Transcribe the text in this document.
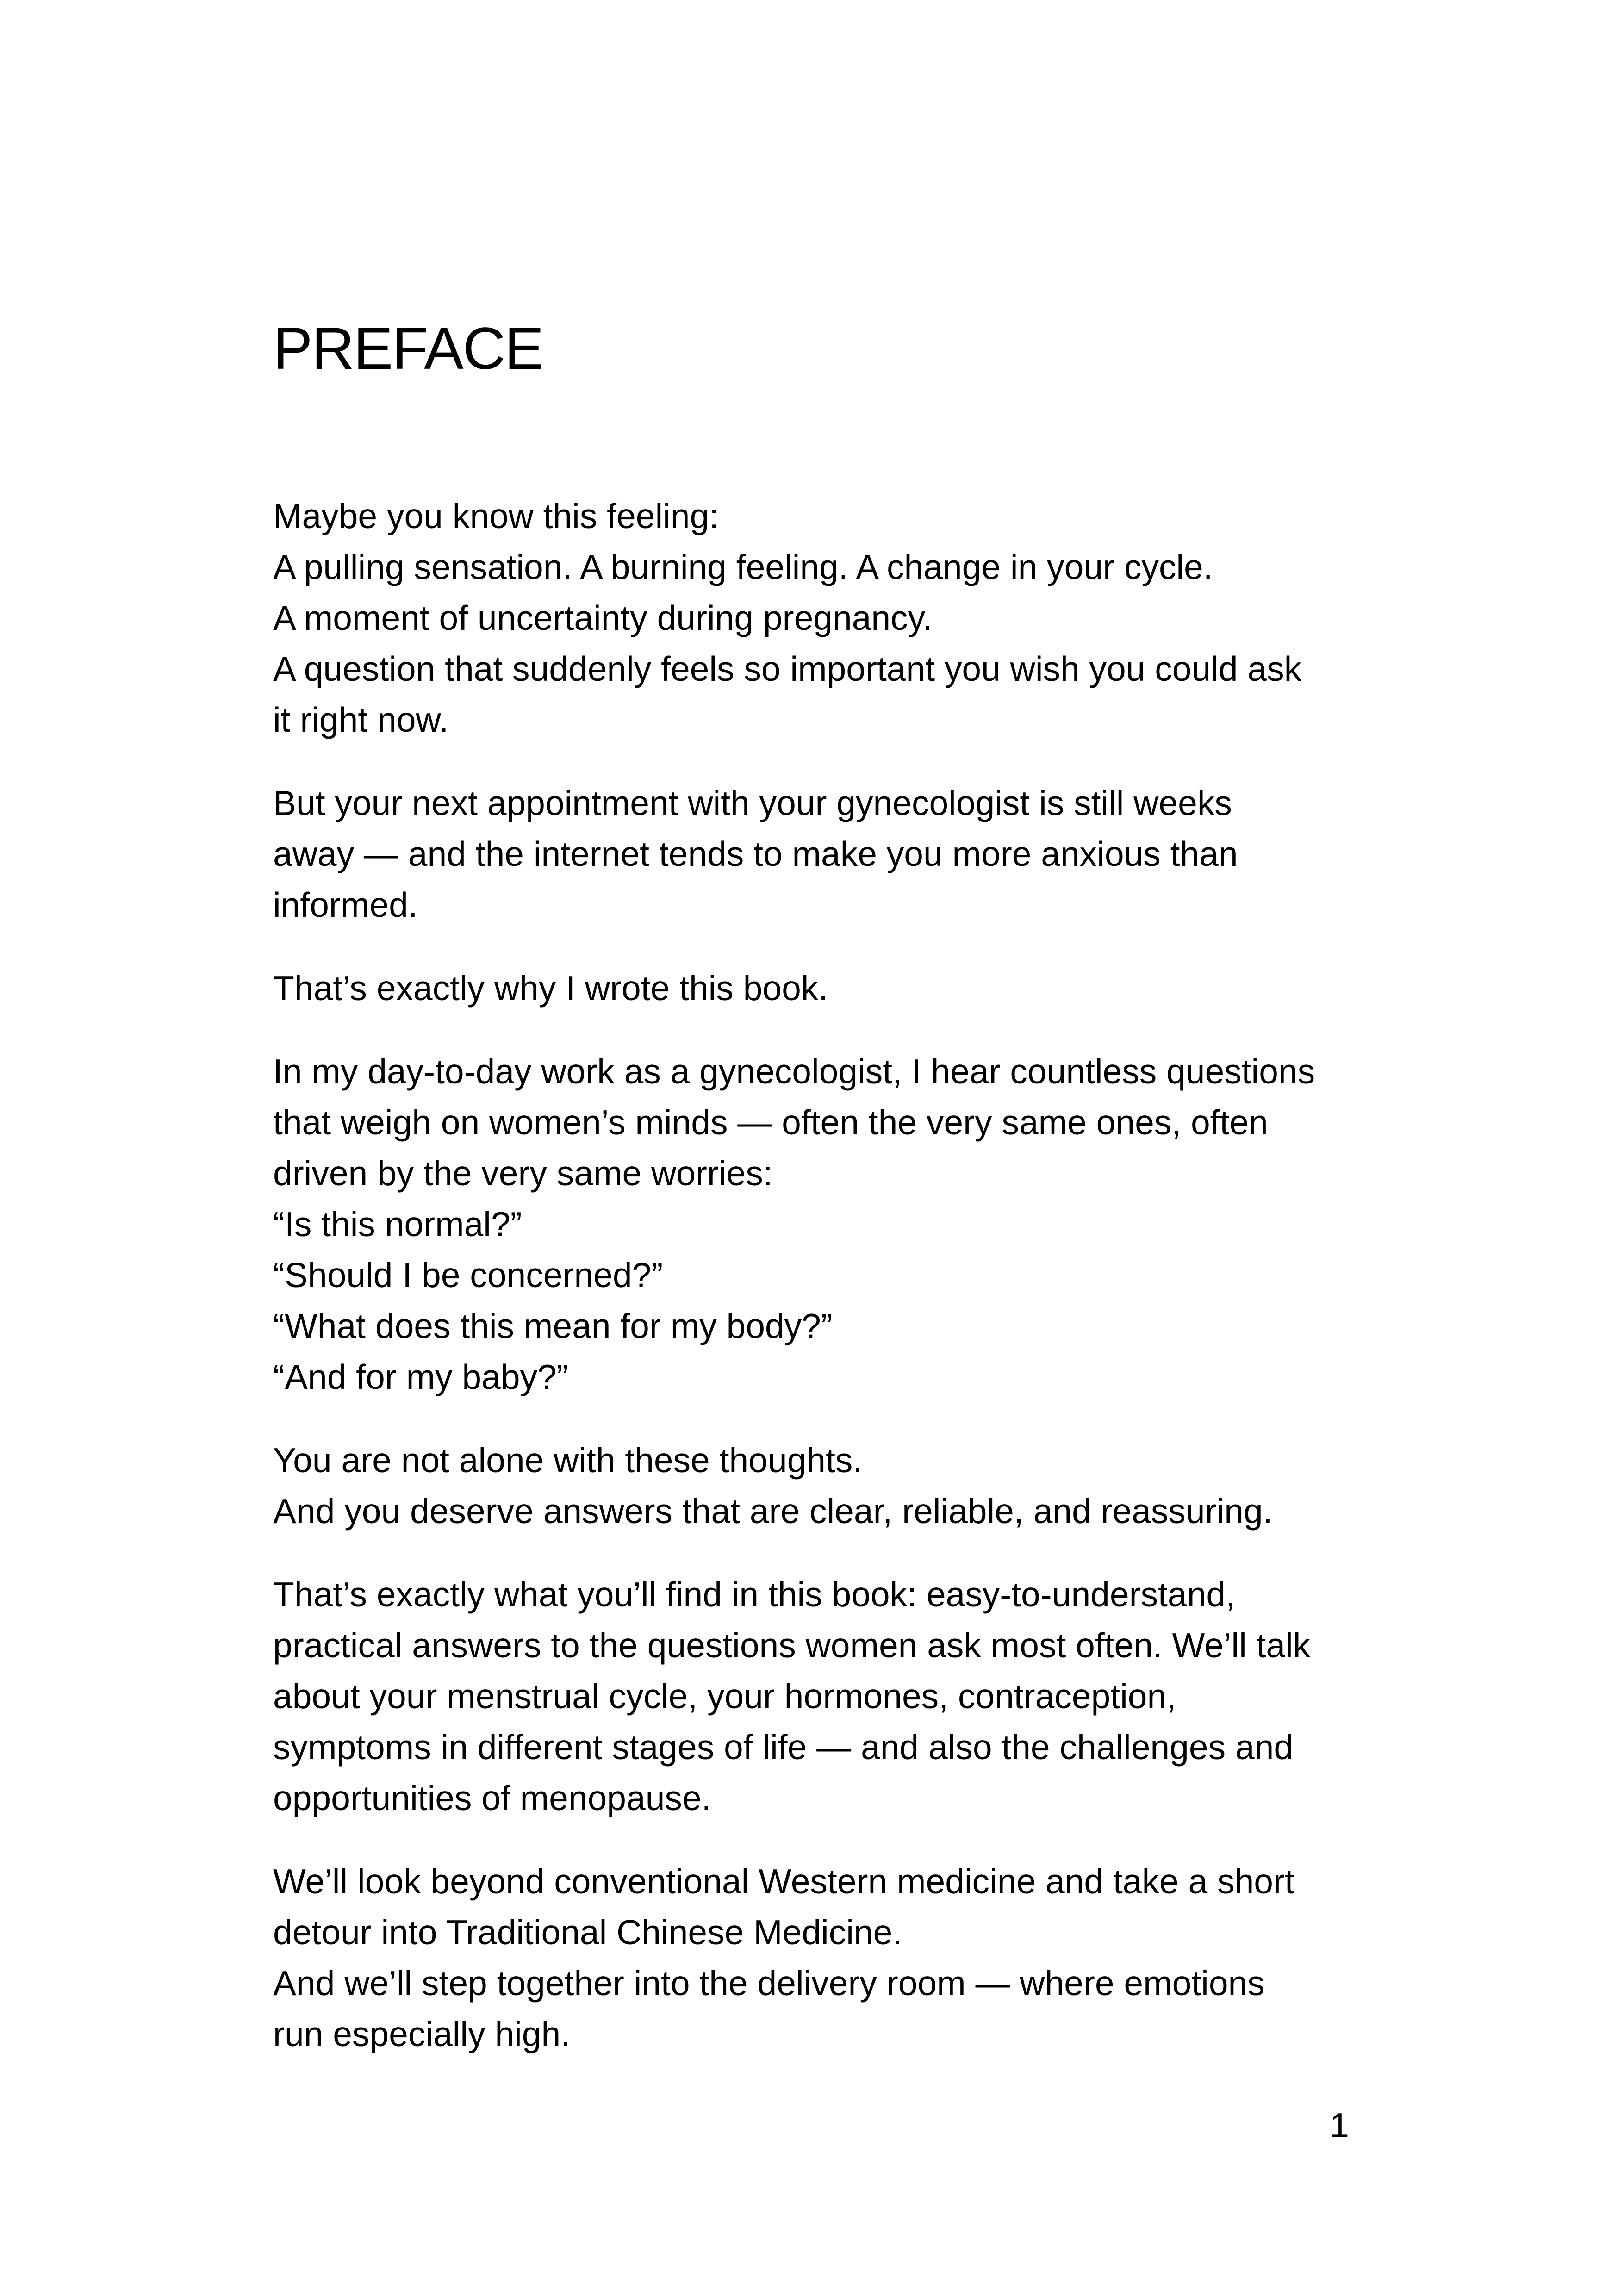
PREFACE

Maybe you know this feeling:
A pulling sensation. A burning feeling. A change in your cycle.
A moment of uncertainty during pregnancy.
A question that suddenly feels so important you wish you could ask
it right now.

But your next appointment with your gynecologist is still weeks
away — and the internet tends to make you more anxious than
informed.

That’s exactly why I wrote this book.

In my day-to-day work as a gynecologist, I hear countless questions
that weigh on women’s minds — often the very same ones, often
driven by the very same worries:
“Is this normal?”
“Should I be concerned?”
“What does this mean for my body?”
“And for my baby?”

You are not alone with these thoughts.
And you deserve answers that are clear, reliable, and reassuring.

That’s exactly what you’ll find in this book: easy-to-understand,
practical answers to the questions women ask most often. We’ll talk
about your menstrual cycle, your hormones, contraception,
symptoms in different stages of life — and also the challenges and
opportunities of menopause.

We’ll look beyond conventional Western medicine and take a short
detour into Traditional Chinese Medicine.
And we’ll step together into the delivery room — where emotions
run especially high.

1
